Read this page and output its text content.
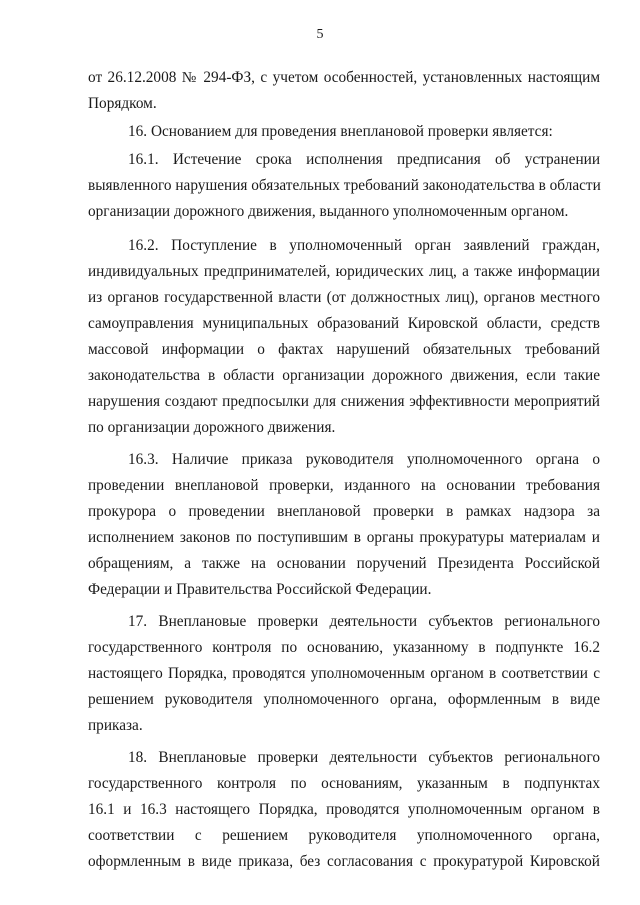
5
от 26.12.2008 № 294-ФЗ, с учетом особенностей, установленных настоящим
Порядком.
16. Основанием для проведения внеплановой проверки является:
16.1. Истечение срока исполнения предписания об устранении
выявленного нарушения обязательных требований законодательства в области
организации дорожного движения, выданного уполномоченным органом.
16.2. Поступление в уполномоченный орган заявлений граждан,
индивидуальных предпринимателей, юридических лиц, а также информации
из органов государственной власти (от должностных лиц), органов местного
самоуправления муниципальных образований Кировской области, средств
массовой информации о фактах нарушений обязательных требований
законодательства в области организации дорожного движения, если такие
нарушения создают предпосылки для снижения эффективности мероприятий
по организации дорожного движения.
16.3. Наличие приказа руководителя уполномоченного органа о
проведении внеплановой проверки, изданного на основании требования
прокурора о проведении внеплановой проверки в рамках надзора за
исполнением законов по поступившим в органы прокуратуры материалам и
обращениям, а также на основании поручений Президента Российской
Федерации и Правительства Российской Федерации.
17. Внеплановые проверки деятельности субъектов регионального
государственного контроля по основанию, указанному в подпункте 16.2
настоящего Порядка, проводятся уполномоченным органом в соответствии с
решением руководителя уполномоченного органа, оформленным в виде
приказа.
18. Внеплановые проверки деятельности субъектов регионального
государственного контроля по основаниям, указанным в подпунктах
16.1 и 16.3 настоящего Порядка, проводятся уполномоченным органом в
соответствии с решением руководителя уполномоченного органа,
оформленным в виде приказа, без согласования с прокуратурой Кировской
